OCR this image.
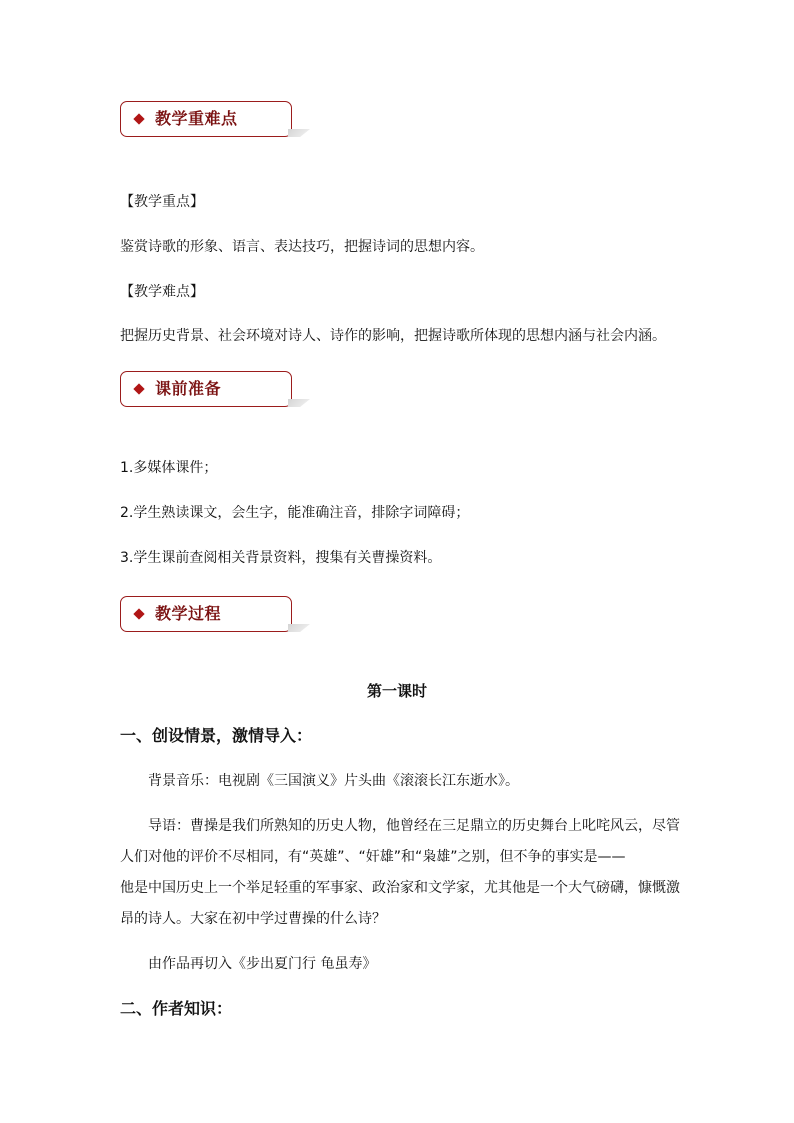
教学重难点
【教学重点】
鉴赏诗歌的形象、语言、表达技巧，把握诗词的思想内容。
【教学难点】
把握历史背景、社会环境对诗人、诗作的影响，把握诗歌所体现的思想内涵与社会内涵。
课前准备
1.多媒体课件；
2.学生熟读课文，会生字，能准确注音，排除字词障碍；
3.学生课前查阅相关背景资料，搜集有关曹操资料。
教学过程
第一课时
一、创设情景，激情导入：
背景音乐：电视剧《三国演义》片头曲《滚滚长江东逝水》。
导语：曹操是我们所熟知的历史人物，他曾经在三足鼎立的历史舞台上叱咤风云，尽管
人们对他的评价不尽相同，有“英雄”、“奸雄”和“枭雄”之别，但不争的事实是——
他是中国历史上一个举足轻重的军事家、政治家和文学家，尤其他是一个大气磅礴，慷慨激
昂的诗人。大家在初中学过曹操的什么诗？
由作品再切入《步出夏门行 龟虽寿》
二、作者知识：
